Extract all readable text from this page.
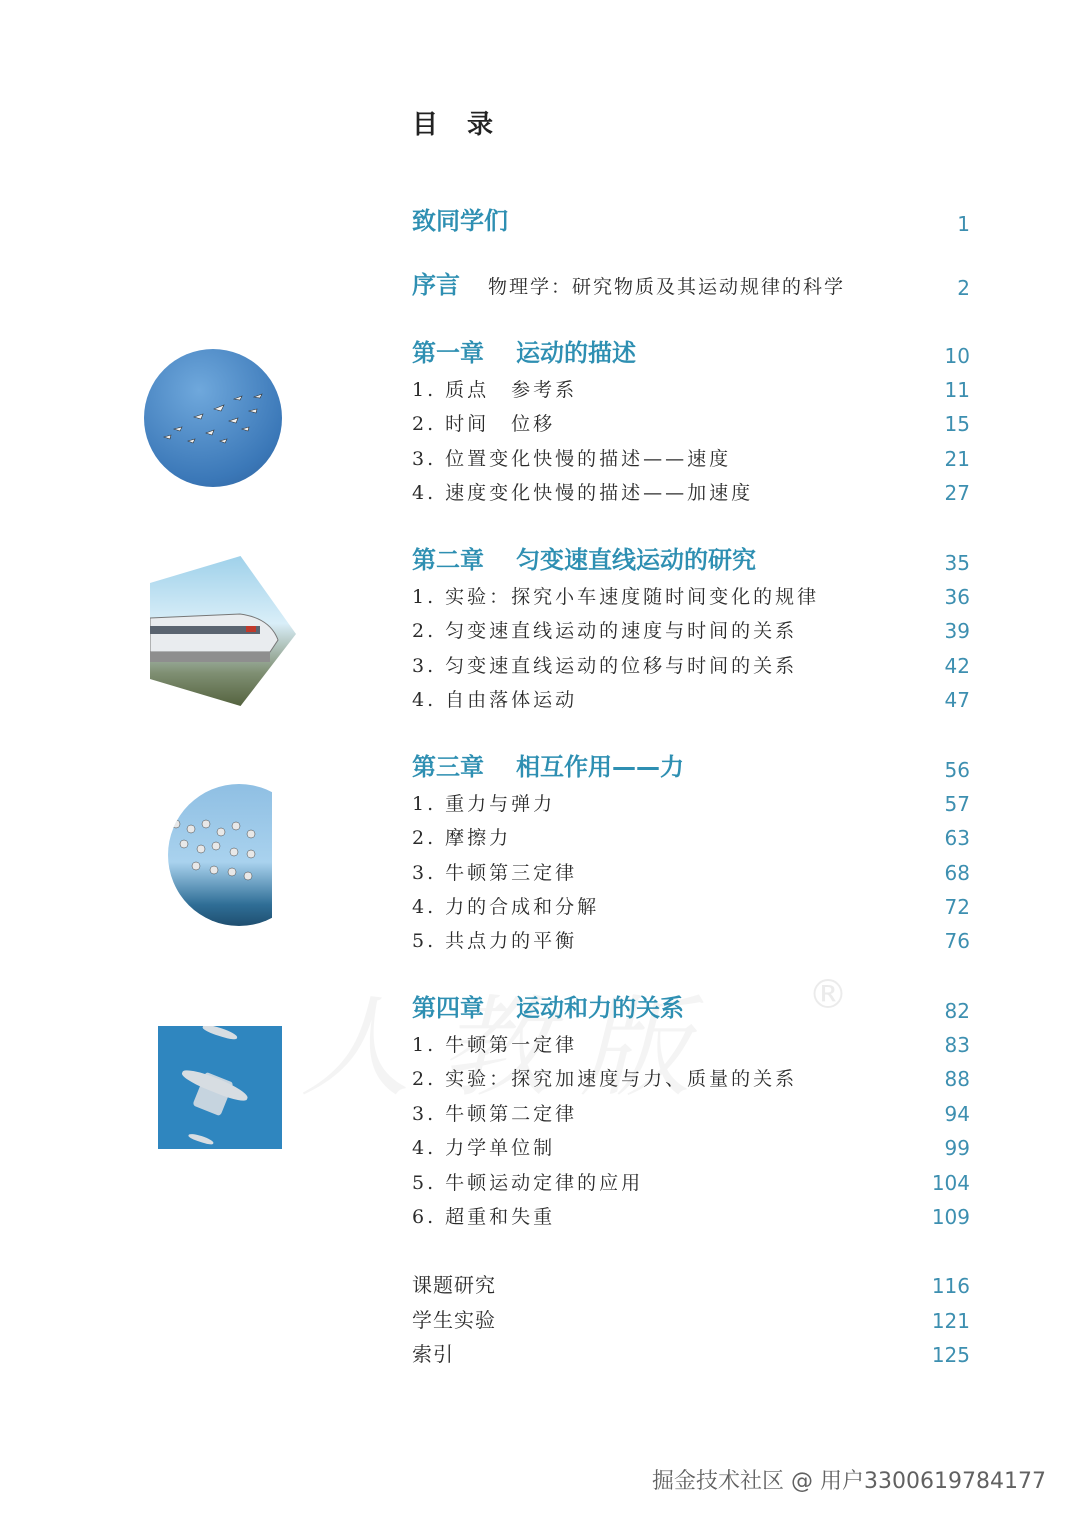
®
目 录
致同学们	1
序言 物理学：研究物质及其运动规律的科学	2
第一章 运动的描述	10
1. 质点　参考系	11
2. 时间　位移	15
3. 位置变化快慢的描述——速度	21
4. 速度变化快慢的描述——加速度	27
第二章 匀变速直线运动的研究	35
1. 实验：探究小车速度随时间变化的规律	36
2. 匀变速直线运动的速度与时间的关系	39
3. 匀变速直线运动的位移与时间的关系	42
4. 自由落体运动	47
第三章 相互作用——力	56
1. 重力与弹力	57
2. 摩擦力	63
3. 牛顿第三定律	68
4. 力的合成和分解	72
5. 共点力的平衡	76
第四章 运动和力的关系	82
1. 牛顿第一定律	83
2. 实验：探究加速度与力、质量的关系	88
3. 牛顿第二定律	94
4. 力学单位制	99
5. 牛顿运动定律的应用	104
6. 超重和失重	109
课题研究	116
学生实验	121
索引	125
掘金技术社区 @ 用户3300619784177
